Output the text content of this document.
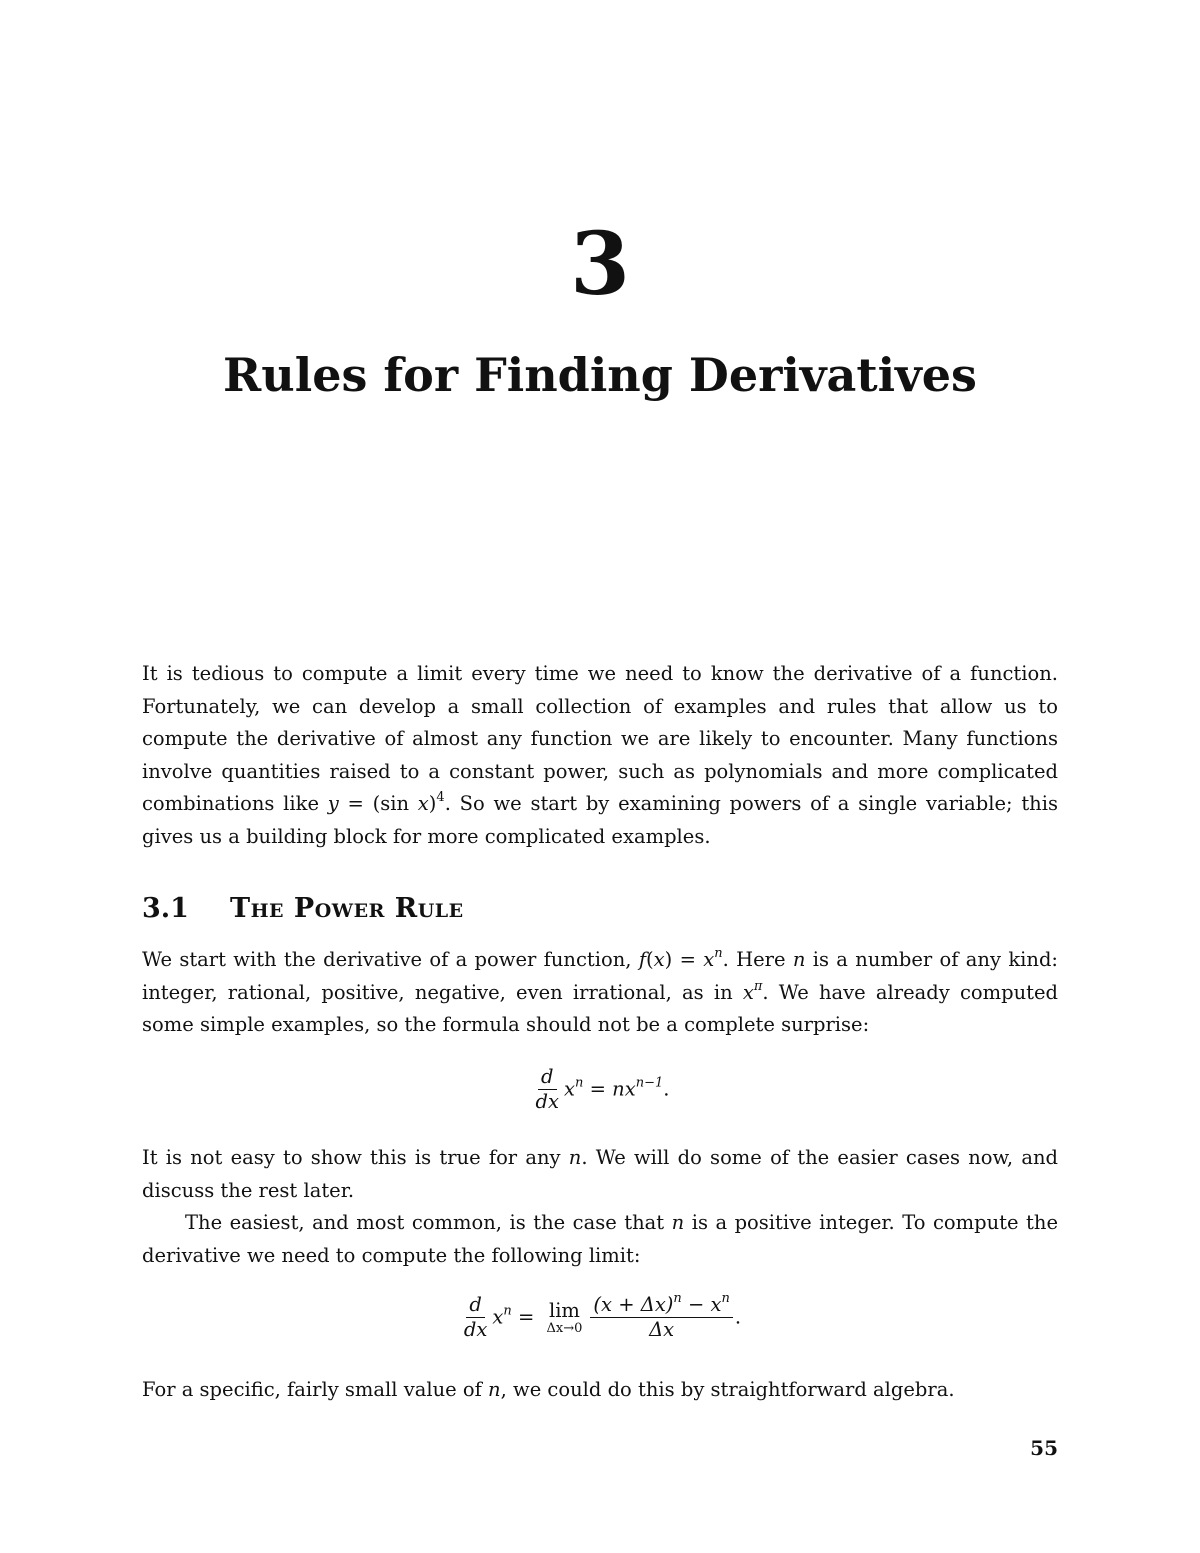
3
Rules for Finding Derivatives

It is tedious to compute a limit every time we need to know the derivative of a function. Fortunately, we can develop a small collection of examples and rules that allow us to compute the derivative of almost any function we are likely to encounter. Many functions involve quantities raised to a constant power, such as polynomials and more complicated combinations like y = (sin x)$^4$. So we start by examining powers of a single variable; this gives us a building block for more complicated examples.

3.1 The Power Rule

We start with the derivative of a power function, $f(x) = x^n$. Here n is a number of any kind: integer, rational, positive, negative, even irrational, as in $x^\pi$. We have already computed some simple examples, so the formula should not be a complete surprise:

$\frac{d}{dx} x^n = nx^{n-1}$.

It is not easy to show this is true for any n. We will do some of the easier cases now, and discuss the rest later.

The easiest, and most common, is the case that n is a positive integer. To compute the derivative we need to compute the following limit:

$\frac{d}{dx} x^n = \lim$
$\Delta x\to 0 \frac{(x + \Delta x)^n - x^n}{\Delta x}$ .

For a specific, fairly small value of n, we could do this by straightforward algebra.

55
